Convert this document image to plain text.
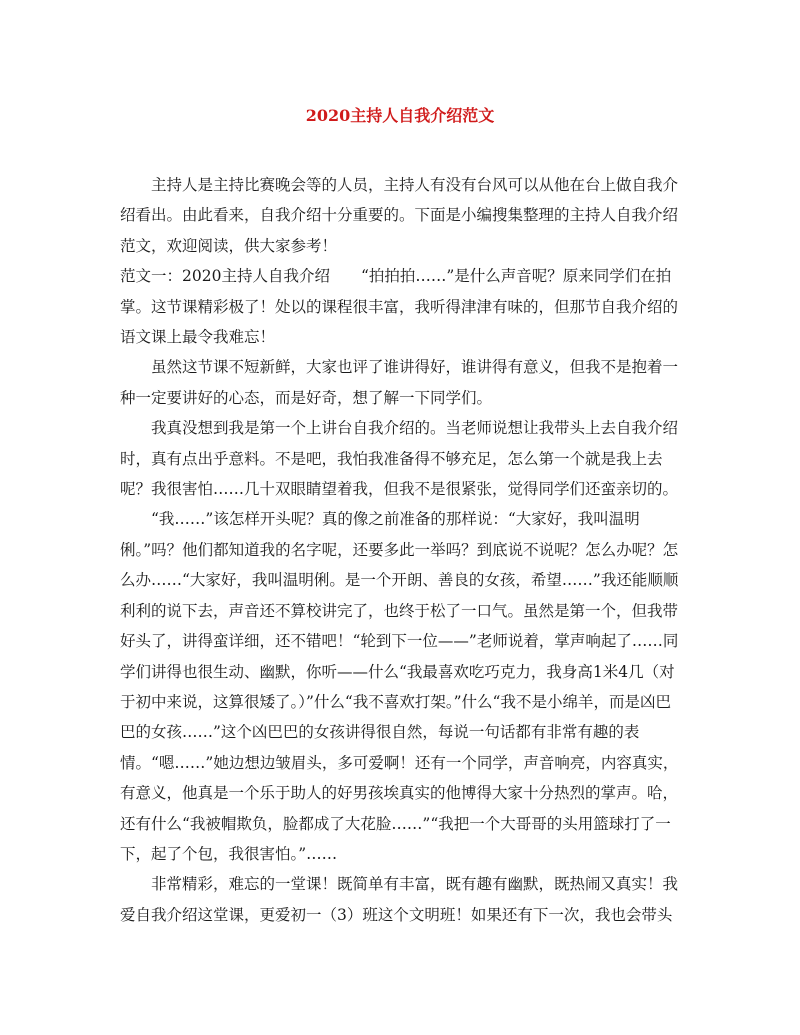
2020主持人自我介绍范文

主持人是主持比赛晚会等的人员，主持人有没有台风可以从他在台上做自我介绍看出。由此看来，自我介绍十分重要的。下面是小编搜集整理的主持人自我介绍范文，欢迎阅读，供大家参考！

范文一：2020主持人自我介绍　　“拍拍拍……”是什么声音呢？原来同学们在拍掌。这节课精彩极了！处以的课程很丰富，我听得津津有味的，但那节自我介绍的语文课上最令我难忘！

虽然这节课不短新鲜，大家也评了谁讲得好，谁讲得有意义，但我不是抱着一种一定要讲好的心态，而是好奇，想了解一下同学们。

我真没想到我是第一个上讲台自我介绍的。当老师说想让我带头上去自我介绍时，真有点出乎意料。不是吧，我怕我准备得不够充足，怎么第一个就是我上去呢？我很害怕……几十双眼睛望着我，但我不是很紧张，觉得同学们还蛮亲切的。

“我……”该怎样开头呢？真的像之前准备的那样说：“大家好，我叫温明俐。”吗？他们都知道我的名字呢，还要多此一举吗？到底说不说呢？怎么办呢？怎么办……“大家好，我叫温明俐。是一个开朗、善良的女孩，希望……”我还能顺顺利利的说下去，声音还不算校讲完了，也终于松了一口气。虽然是第一个，但我带好头了，讲得蛮详细，还不错吧！“轮到下一位——”老师说着，掌声响起了……同学们讲得也很生动、幽默，你听——什么“我最喜欢吃巧克力，我身高1米4几（对于初中来说，这算很矮了。）”什么“我不喜欢打架。”什么“我不是小绵羊，而是凶巴巴的女孩……”这个凶巴巴的女孩讲得很自然，每说一句话都有非常有趣的表情。“嗯……”她边想边皱眉头，多可爱啊！还有一个同学，声音响亮，内容真实，有意义，他真是一个乐于助人的好男孩埃真实的他博得大家十分热烈的掌声。哈，还有什么“我被帽欺负，脸都成了大花脸……”“我把一个大哥哥的头用篮球打了一下，起了个包，我很害怕。”……

非常精彩，难忘的一堂课！既简单有丰富，既有趣有幽默，既热闹又真实！我爱自我介绍这堂课，更爱初一（3）班这个文明班！如果还有下一次，我也会带头
